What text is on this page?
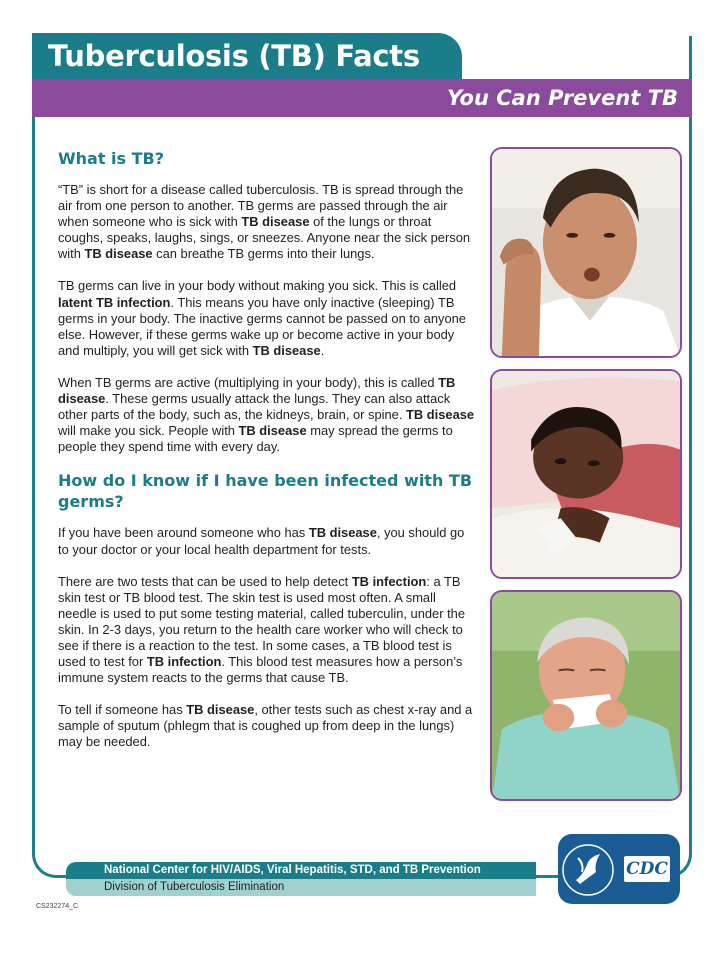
Tuberculosis (TB) Facts
You Can Prevent TB
What is TB?

“TB” is short for a disease called tuberculosis. TB is spread through the air from one person to another. TB germs are passed through the air when someone who is sick with TB disease of the lungs or throat coughs, speaks, laughs, sings, or sneezes. Anyone near the sick person with TB disease can breathe TB germs into their lungs.

TB germs can live in your body without making you sick. This is called latent TB infection. This means you have only inactive (sleeping) TB germs in your body. The inactive germs cannot be passed on to anyone else. However, if these germs wake up or become active in your body and multiply, you will get sick with TB disease.

When TB germs are active (multiplying in your body), this is called TB disease. These germs usually attack the lungs. They can also attack other parts of the body, such as, the kidneys, brain, or spine. TB disease will make you sick. People with TB disease may spread the germs to people they spend time with every day.

How do I know if I have been infected with TB germs?

If you have been around someone who has TB disease, you should go to your doctor or your local health department for tests.

There are two tests that can be used to help detect TB infection: a TB skin test or TB blood test. The skin test is used most often. A small needle is used to put some testing material, called tuberculin, under the skin. In 2-3 days, you return to the health care worker who will check to see if there is a reaction to the test. In some cases, a TB blood test is used to test for TB infection. This blood test measures how a person’s immune system reacts to the germs that cause TB.

To tell if someone has TB disease, other tests such as chest x-ray and a sample of sputum (phlegm that is coughed up from deep in the lungs) may be needed.

National Center for HIV/AIDS, Viral Hepatitis, STD, and TB Prevention
Division of Tuberculosis Elimination
CDC
CS232274_C
